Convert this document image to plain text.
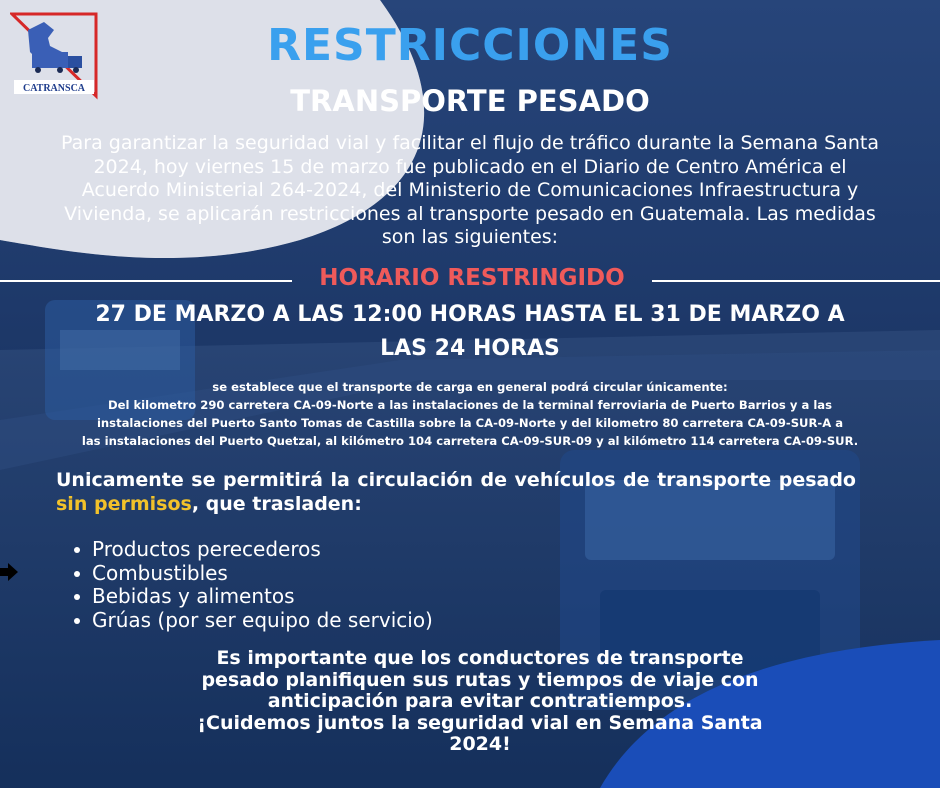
CATRANSCA
RESTRICCIONES
TRANSPORTE PESADO
Para garantizar la seguridad vial y facilitar el flujo de tráfico durante la Semana Santa 2024, hoy viernes 15 de marzo fue publicado en el Diario de Centro América el Acuerdo Ministerial 264-2024, del Ministerio de Comunicaciones Infraestructura y Vivienda, se aplicarán restricciones al transporte pesado en Guatemala. Las medidas son las siguientes:
HORARIO RESTRINGIDO
27 DE MARZO A LAS 12:00 HORAS HASTA EL 31 DE MARZO A
LAS 24 HORAS
se establece que el transporte de carga en general podrá circular únicamente:
Del kilometro 290 carretera CA-09-Norte a las instalaciones de la terminal ferroviaria de Puerto Barrios y a las
instalaciones del Puerto Santo Tomas de Castilla sobre la CA-09-Norte y del kilometro 80 carretera CA-09-SUR-A a
las instalaciones del Puerto Quetzal, al kilómetro 104 carretera CA-09-SUR-09 y al kilómetro 114 carretera CA-09-SUR.
Unicamente se permitirá la circulación de vehículos de transporte pesado sin permisos, que trasladen:
Productos perecederos
Combustibles
Bebidas y alimentos
Grúas (por ser equipo de servicio)
Es importante que los conductores de transporte
pesado planifiquen sus rutas y tiempos de viaje con
anticipación para evitar contratiempos.
¡Cuidemos juntos la seguridad vial en Semana Santa
2024!
